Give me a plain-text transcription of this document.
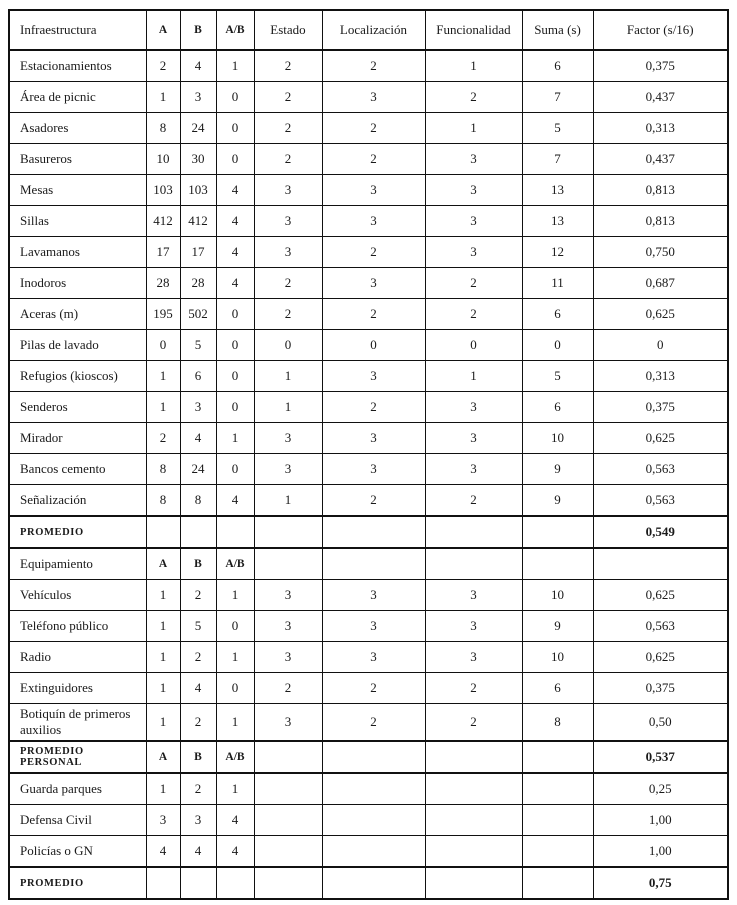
Infraestructura	A	B	A/B	Estado	Localización	Funcionalidad	Suma (s)	Factor (s/16)
Estacionamientos	2	4	1	2	2	1	6	0,375
Área de picnic	1	3	0	2	3	2	7	0,437
Asadores	8	24	0	2	2	1	5	0,313
Basureros	10	30	0	2	2	3	7	0,437
Mesas	103	103	4	3	3	3	13	0,813
Sillas	412	412	4	3	3	3	13	0,813
Lavamanos	17	17	4	3	2	3	12	0,750
Inodoros	28	28	4	2	3	2	11	0,687
Aceras (m)	195	502	0	2	2	2	6	0,625
Pilas de lavado	0	5	0	0	0	0	0	0
Refugios (kioscos)	1	6	0	1	3	1	5	0,313
Senderos	1	3	0	1	2	3	6	0,375
Mirador	2	4	1	3	3	3	10	0,625
Bancos cemento	8	24	0	3	3	3	9	0,563
Señalización	8	8	4	1	2	2	9	0,563
PROMEDIO								0,549
Equipamiento	A	B	A/B					
Vehículos	1	2	1	3	3	3	10	0,625
Teléfono público	1	5	0	3	3	3	9	0,563
Radio	1	2	1	3	3	3	10	0,625
Extinguidores	1	4	0	2	2	2	6	0,375
Botiquín de primeros auxilios	1	2	1	3	2	2	8	0,50
PROMEDIO PERSONAL	A	B	A/B					0,537
Guarda parques	1	2	1					0,25
Defensa Civil	3	3	4					1,00
Policías o GN	4	4	4					1,00
PROMEDIO								0,75
